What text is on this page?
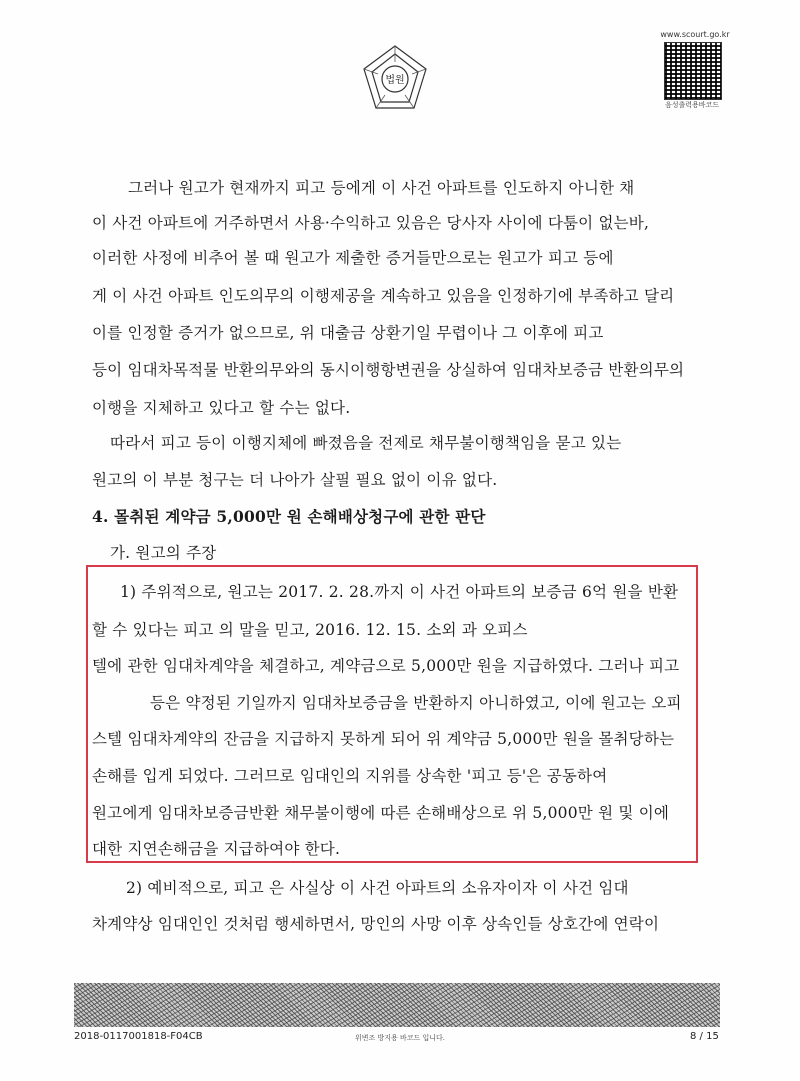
법원
www.scourt.go.kr
음성출력용바코드
그러나 원고가 현재까지 피고 등에게 이 사건 아파트를 인도하지 아니한 채
이 사건 아파트에 거주하면서 사용·수익하고 있음은 당사자 사이에 다툼이 없는바,
이러한 사정에 비추어 볼 때 원고가 제출한 증거들만으로는 원고가 피고 등에
게 이 사건 아파트 인도의무의 이행제공을 계속하고 있음을 인정하기에 부족하고 달리
이를 인정할 증거가 없으므로, 위 대출금 상환기일 무렵이나 그 이후에 피고
등이 임대차목적물 반환의무와의 동시이행항변권을 상실하여 임대차보증금 반환의무의
이행을 지체하고 있다고 할 수는 없다.
따라서 피고 등이 이행지체에 빠졌음을 전제로 채무불이행책임을 묻고 있는
원고의 이 부분 청구는 더 나아가 살필 필요 없이 이유 없다.
4. 몰취된 계약금 5,000만 원 손해배상청구에 관한 판단
가. 원고의 주장
1) 주위적으로, 원고는 2017. 2. 28.까지 이 사건 아파트의 보증금 6억 원을 반환
할 수 있다는 피고 의 말을 믿고, 2016. 12. 15. 소외 과 오피스
텔에 관한 임대차계약을 체결하고, 계약금으로 5,000만 원을 지급하였다. 그러나 피고
등은 약정된 기일까지 임대차보증금을 반환하지 아니하였고, 이에 원고는 오피
스텔 임대차계약의 잔금을 지급하지 못하게 되어 위 계약금 5,000만 원을 몰취당하는
손해를 입게 되었다. 그러므로 임대인의 지위를 상속한 '피고 등'은 공동하여
원고에게 임대차보증금반환 채무불이행에 따른 손해배상으로 위 5,000만 원 및 이에
대한 지연손해금을 지급하여야 한다.
2) 예비적으로, 피고 은 사실상 이 사건 아파트의 소유자이자 이 사건 임대
차계약상 임대인인 것처럼 행세하면서, 망인의 사망 이후 상속인들 상호간에 연락이
2018-0117001818-F04CB	위변조 방지용 바코드 입니다.	8 / 15
